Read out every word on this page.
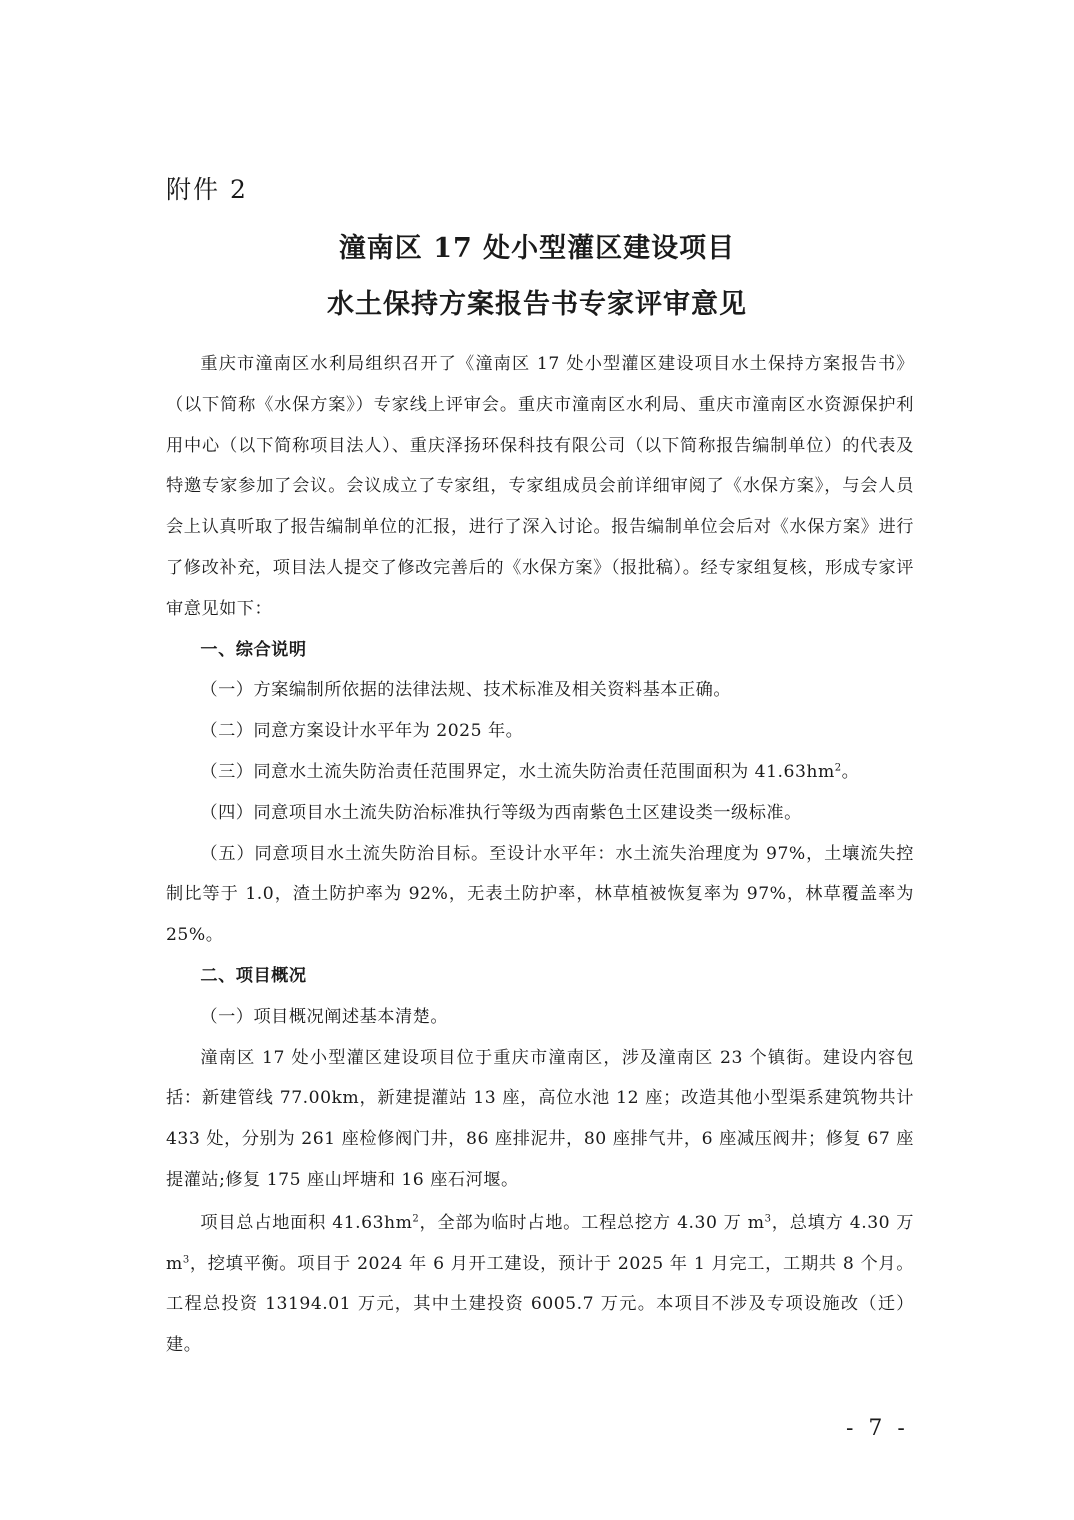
附件 2
潼南区 17 处小型灌区建设项目
水土保持方案报告书专家评审意见

重庆市潼南区水利局组织召开了《潼南区 17 处小型灌区建设项目水土保持方案报告书》（以下简称《水保方案》）专家线上评审会。重庆市潼南区水利局、重庆市潼南区水资源保护利用中心（以下简称项目法人）、重庆泽扬环保科技有限公司（以下简称报告编制单位）的代表及特邀专家参加了会议。会议成立了专家组，专家组成员会前详细审阅了《水保方案》，与会人员会上认真听取了报告编制单位的汇报，进行了深入讨论。报告编制单位会后对《水保方案》进行了修改补充，项目法人提交了修改完善后的《水保方案》（报批稿）。经专家组复核，形成专家评审意见如下：

一、综合说明

（一）方案编制所依据的法律法规、技术标准及相关资料基本正确。

（二）同意方案设计水平年为 2025 年。

（三）同意水土流失防治责任范围界定，水土流失防治责任范围面积为 $41.63hm^2$。

（四）同意项目水土流失防治标准执行等级为西南紫色土区建设类一级标准。

（五）同意项目水土流失防治目标。至设计水平年：水土流失治理度为 97%，土壤流失控制比等于 1.0，渣土防护率为 92%，无表土防护率，林草植被恢复率为 97%，林草覆盖率为 25%。

二、项目概况

（一）项目概况阐述基本清楚。

潼南区 17 处小型灌区建设项目位于重庆市潼南区，涉及潼南区 23 个镇街。建设内容包括：新建管线 77.00km，新建提灌站 13 座，高位水池 12 座；改造其他小型渠系建筑物共计 433 处，分别为 261 座检修阀门井，86 座排泥井，80 座排气井，6 座减压阀井；修复 67 座提灌站;修复 175 座山坪塘和 16 座石河堰。

项目总占地面积 $41.63hm^2$，全部为临时占地。工程总挖方 4.30 万 $m^3$，总填方 4.30 万 $m^3$，挖填平衡。项目于 2024 年 6 月开工建设，预计于 2025 年 1 月完工，工期共 8 个月。工程总投资 13194.01 万元，其中土建投资 6005.7 万元。本项目不涉及专项设施改（迁）建。

- 7 -
